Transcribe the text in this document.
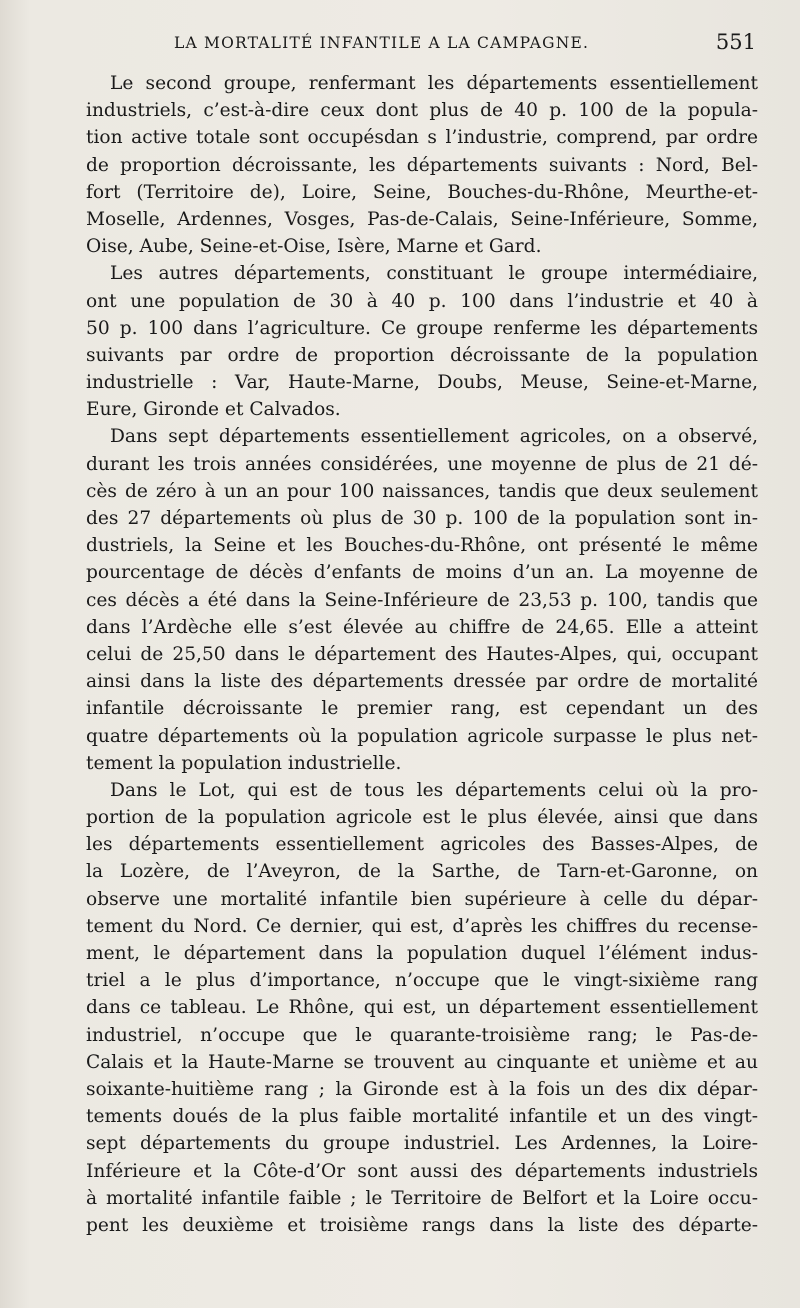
LA MORTALITÉ INFANTILE A LA CAMPAGNE.	551

Le second groupe, renfermant les départements essentiellement
industriels, c’est-à-dire ceux dont plus de 40 p. 100 de la popula-
tion active totale sont occupésdan s l’industrie, comprend, par ordre
de proportion décroissante, les départements suivants : Nord, Bel-
fort (Territoire de), Loire, Seine, Bouches-du-Rhône, Meurthe-et-
Moselle, Ardennes, Vosges, Pas-de-Calais, Seine-Inférieure, Somme,
Oise, Aube, Seine-et-Oise, Isère, Marne et Gard.

Les autres départements, constituant le groupe intermédiaire,
ont une population de 30 à 40 p. 100 dans l’industrie et 40 à
50 p. 100 dans l’agriculture. Ce groupe renferme les départements
suivants par ordre de proportion décroissante de la population
industrielle : Var, Haute-Marne, Doubs, Meuse, Seine-et-Marne,
Eure, Gironde et Calvados.

Dans sept départements essentiellement agricoles, on a observé,
durant les trois années considérées, une moyenne de plus de 21 dé-
cès de zéro à un an pour 100 naissances, tandis que deux seulement
des 27 départements où plus de 30 p. 100 de la population sont in-
dustriels, la Seine et les Bouches-du-Rhône, ont présenté le même
pourcentage de décès d’enfants de moins d’un an. La moyenne de
ces décès a été dans la Seine-Inférieure de 23,53 p. 100, tandis que
dans l’Ardèche elle s’est élevée au chiffre de 24,65. Elle a atteint
celui de 25,50 dans le département des Hautes-Alpes, qui, occupant
ainsi dans la liste des départements dressée par ordre de mortalité
infantile décroissante le premier rang, est cependant un des
quatre départements où la population agricole surpasse le plus net-
tement la population industrielle.

Dans le Lot, qui est de tous les départements celui où la pro-
portion de la population agricole est le plus élevée, ainsi que dans
les départements essentiellement agricoles des Basses-Alpes, de
la Lozère, de l’Aveyron, de la Sarthe, de Tarn-et-Garonne, on
observe une mortalité infantile bien supérieure à celle du dépar-
tement du Nord. Ce dernier, qui est, d’après les chiffres du recense-
ment, le département dans la population duquel l’élément indus-
triel a le plus d’importance, n’occupe que le vingt-sixième rang
dans ce tableau. Le Rhône, qui est, un département essentiellement
industriel, n’occupe que le quarante-troisième rang; le Pas-de-
Calais et la Haute-Marne se trouvent au cinquante et unième et au
soixante-huitième rang ; la Gironde est à la fois un des dix dépar-
tements doués de la plus faible mortalité infantile et un des vingt-
sept départements du groupe industriel. Les Ardennes, la Loire-
Inférieure et la Côte-d’Or sont aussi des départements industriels
à mortalité infantile faible ; le Territoire de Belfort et la Loire occu-
pent les deuxième et troisième rangs dans la liste des départe-
